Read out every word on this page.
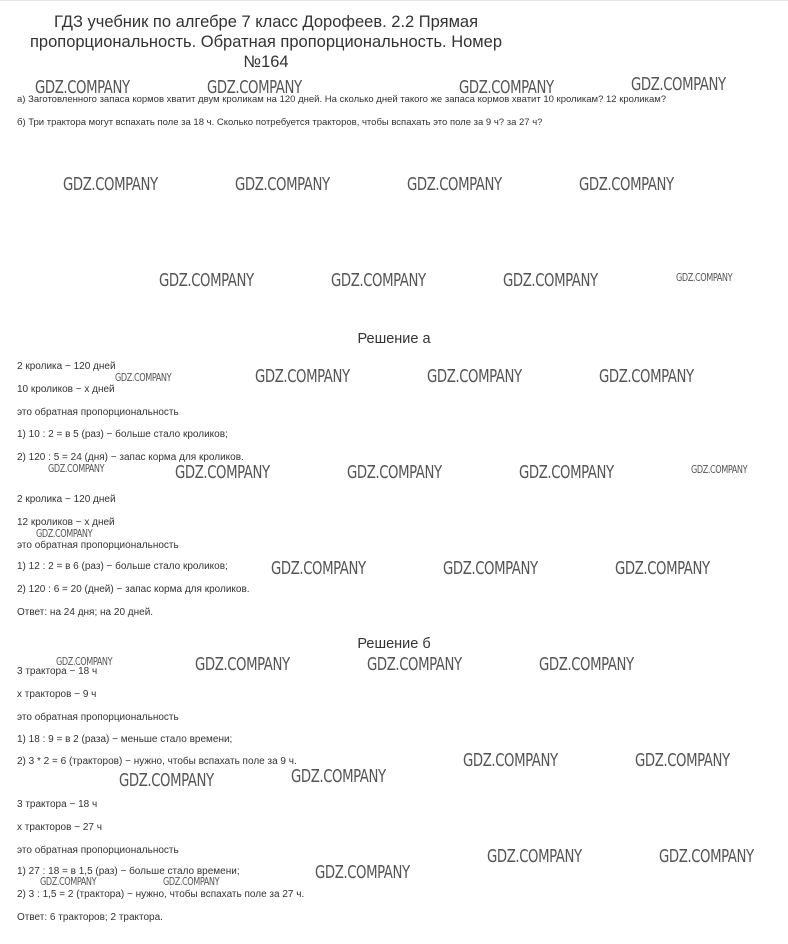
ГДЗ учебник по алгебре 7 класс Дорофеев. 2.2 Прямая пропорциональность. Обратная пропорциональность. Номер №164
а) Заготовленного запаса кормов хватит двум кроликам на 120 дней. На сколько дней такого же запаса кормов хватит 10 кроликам? 12 кроликам?
б) Три трактора могут вспахать поле за 18 ч. Сколько потребуется тракторов, чтобы вспахать это поле за 9 ч? за 27 ч?
Решение а
2 кролика − 120 дней
10 кроликов − x дней
это обратная пропорциональность
1) 10 : 2 = в 5 (раз) − больше стало кроликов;
2) 120 : 5 = 24 (дня) − запас корма для кроликов.
2 кролика − 120 дней
12 кроликов − x дней
это обратная пропорциональность
1) 12 : 2 = в 6 (раз) − больше стало кроликов;
2) 120 : 6 = 20 (дней) − запас корма для кроликов.
Ответ: на 24 дня; на 20 дней.
Решение б
3 трактора − 18 ч
x тракторов − 9 ч
это обратная пропорциональность
1) 18 : 9 = в 2 (раза) − меньше стало времени;
2) 3 * 2 = 6 (тракторов) − нужно, чтобы вспахать поле за 9 ч.
3 трактора − 18 ч
x тракторов − 27 ч
это обратная пропорциональность
1) 27 : 18 = в 1,5 (раз) − больше стало времени;
2) 3 : 1,5 = 2 (трактора) − нужно, чтобы вспахать поле за 27 ч.
Ответ: 6 тракторов; 2 трактора.
GDZ.COMPANY	GDZ.COMPANY	GDZ.COMPANY	GDZ.COMPANY
GDZ.COMPANY	GDZ.COMPANY	GDZ.COMPANY	GDZ.COMPANY
GDZ.COMPANY	GDZ.COMPANY	GDZ.COMPANY	GDZ.COMPANY
GDZ.COMPANY	GDZ.COMPANY	GDZ.COMPANY	GDZ.COMPANY
GDZ.COMPANY	GDZ.COMPANY	GDZ.COMPANY	GDZ.COMPANY	GDZ.COMPANY
GDZ.COMPANY
GDZ.COMPANY	GDZ.COMPANY	GDZ.COMPANY
GDZ.COMPANY	GDZ.COMPANY	GDZ.COMPANY	GDZ.COMPANY
GDZ.COMPANY	GDZ.COMPANY
GDZ.COMPANY	GDZ.COMPANY
GDZ.COMPANY	GDZ.COMPANY
GDZ.COMPANY
GDZ.COMPANY	GDZ.COMPANY
